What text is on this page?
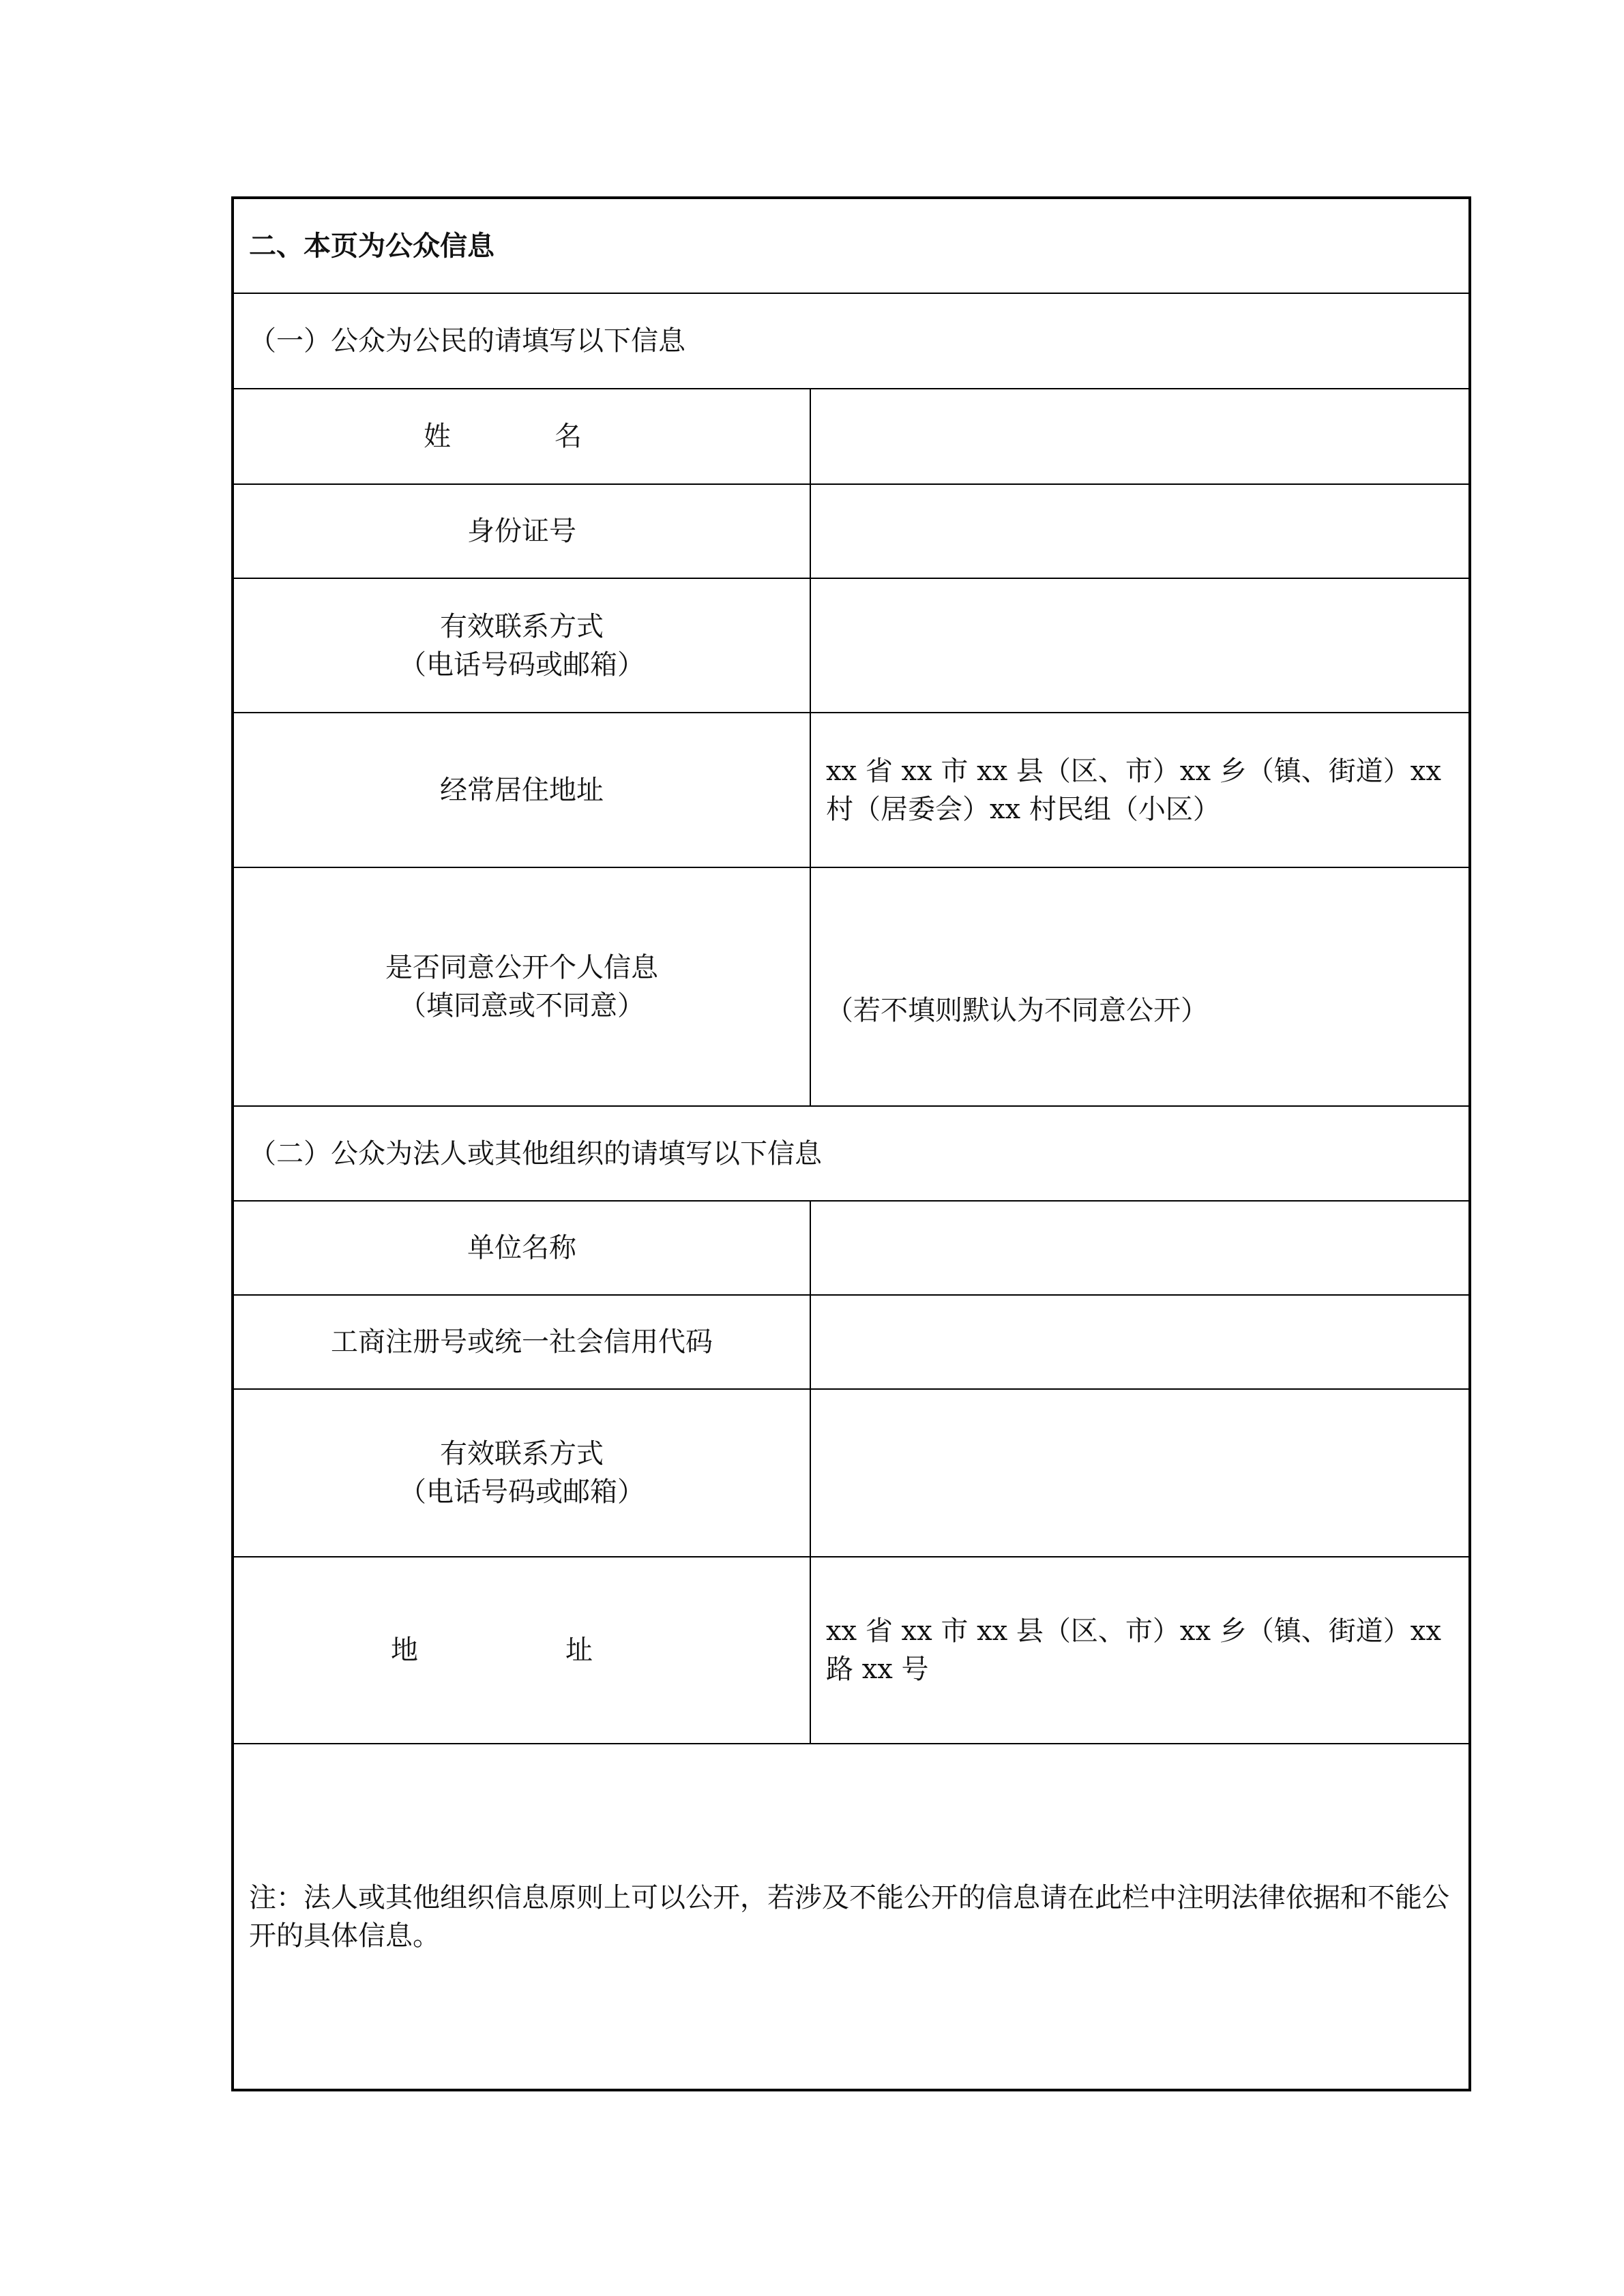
二、本页为公众信息	
（一）公众为公民的请填写以下信息	

姓　名	

身份证号	

有效联系方式
（电话号码或邮箱）	

经常居住地址	xx 省 xx 市 xx 县（区、市）xx 乡（镇、街道）xx 村（居委会）xx 村民组（小区）

是否同意公开个人信息
（填同意或不同意）	（若不填则默认为不同意公开）

（二）公众为法人或其他组织的请填写以下信息	

单位名称	

工商注册号或统一社会信用代码	

有效联系方式
（电话号码或邮箱）	

地　址	xx 省 xx 市 xx 县（区、市）xx 乡（镇、街道）xx 路 xx 号
注：法人或其他组织信息原则上可以公开，若涉及不能公开的信息请在此栏中注明法律依据和不能公开的具体信息。	
